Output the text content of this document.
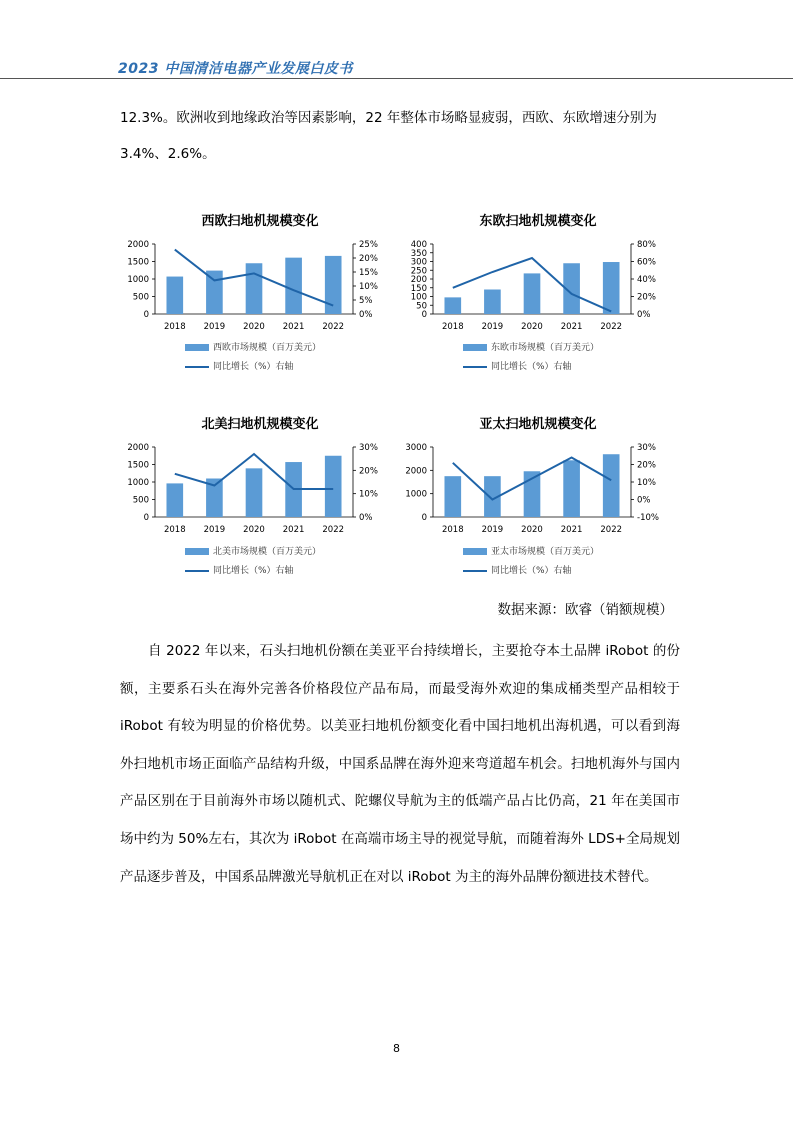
2023 中国清洁电器产业发展白皮书

12.3%。欧洲收到地缘政治等因素影响，22 年整体市场略显疲弱，西欧、东欧增速分别为 3.4%、2.6%。

西欧扫地机规模变化
0
500
1000
1500
2000
0%
5%
10%
15%
20%
25%
2018 2019 2020 2021 2022
西欧市场规模（百万美元）
同比增长（%）右轴
东欧扫地机规模变化
0
50
100
150
200
250
300
350
400
0%
20%
40%
60%
80%
2018 2019 2020 2021 2022
东欧市场规模（百万美元）
同比增长（%）右轴
北美扫地机规模变化
0
500
1000
1500
2000
0%
10%
20%
30%
2018 2019 2020 2021 2022
北美市场规模（百万美元）
同比增长（%）右轴
亚太扫地机规模变化
0
1000
2000
3000
-10%
0%
10%
20%
30%
2018 2019 2020 2021 2022
亚太市场规模（百万美元）
同比增长（%）右轴
数据来源：欧睿（销额规模）

自 2022 年以来，石头扫地机份额在美亚平台持续增长，主要抢夺本土品牌 iRobot 的份额，主要系石头在海外完善各价格段位产品布局，而最受海外欢迎的集成桶类型产品相较于 iRobot 有较为明显的价格优势。以美亚扫地机份额变化看中国扫地机出海机遇，可以看到海外扫地机市场正面临产品结构升级，中国系品牌在海外迎来弯道超车机会。扫地机海外与国内产品区别在于目前海外市场以随机式、陀螺仪导航为主的低端产品占比仍高，21 年在美国市场中约为 50%左右，其次为 iRobot 在高端市场主导的视觉导航，而随着海外 LDS+全局规划产品逐步普及，中国系品牌激光导航机正在对以 iRobot 为主的海外品牌份额进技术替代。

8
